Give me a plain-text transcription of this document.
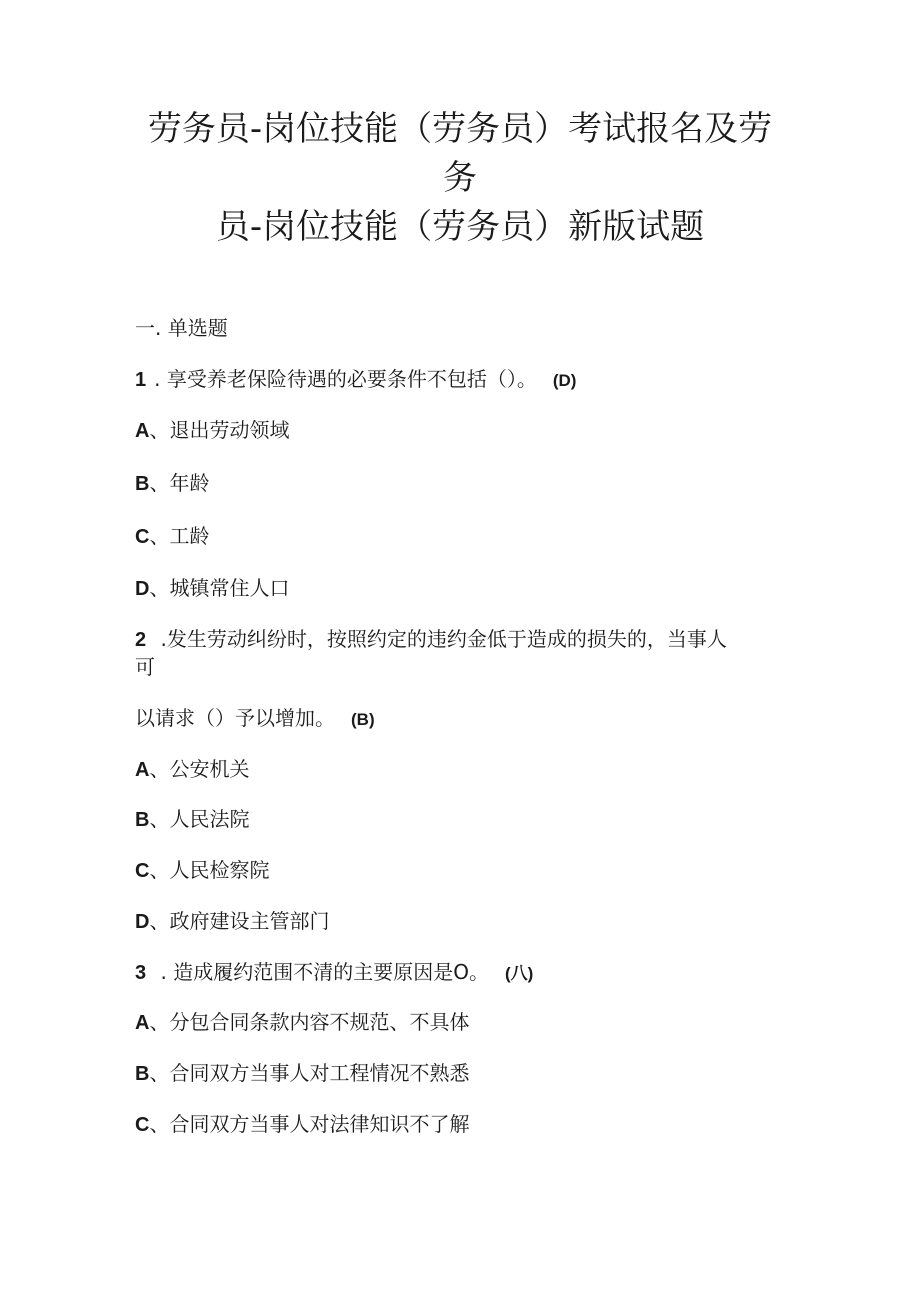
劳务员-岗位技能（劳务员）考试报名及劳
务
员-岗位技能（劳务员）新版试题

一. 单选题

1 . 享受养老保险待遇的必要条件不包括（）。 (D)

A、退出劳动领域

B、年龄

C、工龄

D、城镇常住人口

2 .发生劳动纠纷时，按照约定的违约金低于造成的损失的，当事人

可

以请求（）予以增加。 (B)

A、公安机关

B、人民法院

C、人民检察院

D、政府建设主管部门

3 . 造成履约范围不清的主要原因是O。 (八)

A、分包合同条款内容不规范、不具体

B、合同双方当事人对工程情况不熟悉

C、合同双方当事人对法律知识不了解
